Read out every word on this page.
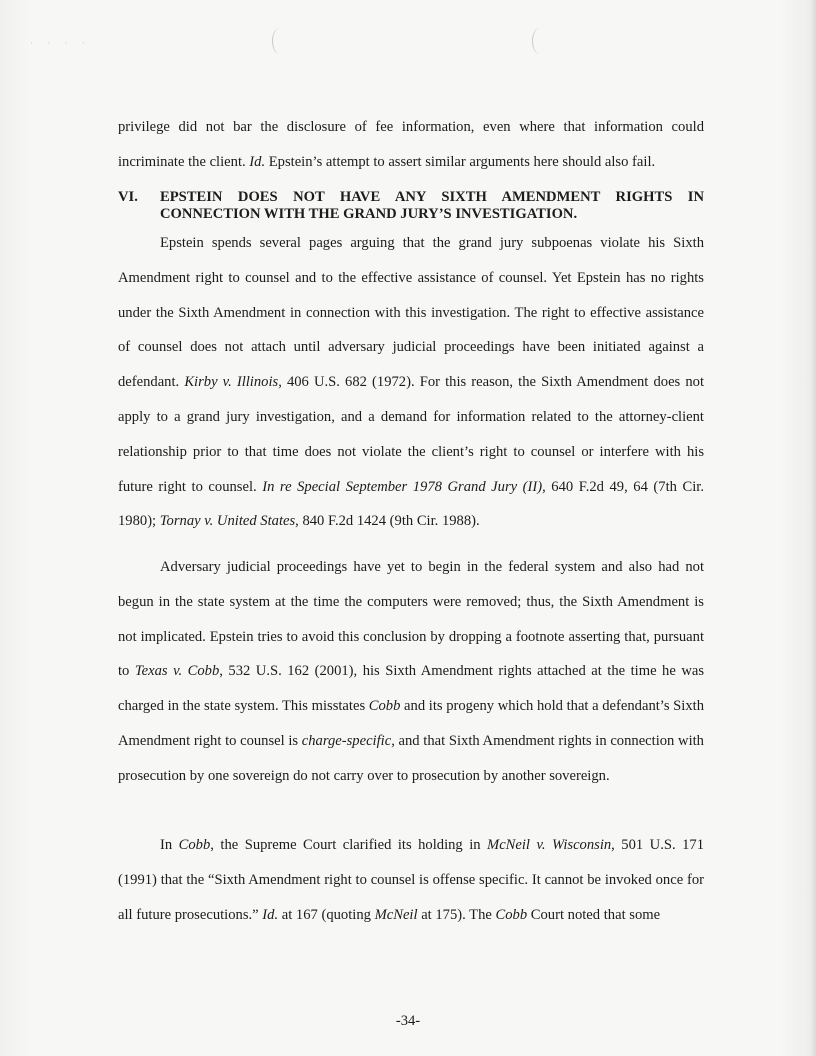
· · · ·

privilege did not bar the disclosure of fee information, even where that information could incriminate the client. Id. Epstein’s attempt to assert similar arguments here should also fail.

VI.	EPSTEIN DOES NOT HAVE ANY SIXTH AMENDMENT RIGHTS IN CONNECTION WITH THE GRAND JURY’S INVESTIGATION.

Epstein spends several pages arguing that the grand jury subpoenas violate his Sixth Amendment right to counsel and to the effective assistance of counsel. Yet Epstein has no rights under the Sixth Amendment in connection with this investigation. The right to effective assistance of counsel does not attach until adversary judicial proceedings have been initiated against a defendant. Kirby v. Illinois, 406 U.S. 682 (1972). For this reason, the Sixth Amendment does not apply to a grand jury investigation, and a demand for information related to the attorney-client relationship prior to that time does not violate the client’s right to counsel or interfere with his future right to counsel. In re Special September 1978 Grand Jury (II), 640 F.2d 49, 64 (7th Cir. 1980); Tornay v. United States, 840 F.2d 1424 (9th Cir. 1988).

Adversary judicial proceedings have yet to begin in the federal system and also had not begun in the state system at the time the computers were removed; thus, the Sixth Amendment is not implicated. Epstein tries to avoid this conclusion by dropping a footnote asserting that, pursuant to Texas v. Cobb, 532 U.S. 162 (2001), his Sixth Amendment rights attached at the time he was charged in the state system. This misstates Cobb and its progeny which hold that a defendant’s Sixth Amendment right to counsel is charge-specific, and that Sixth Amendment rights in connection with prosecution by one sovereign do not carry over to prosecution by another sovereign.

In Cobb, the Supreme Court clarified its holding in McNeil v. Wisconsin, 501 U.S. 171 (1991) that the “Sixth Amendment right to counsel is offense specific. It cannot be invoked once for all future prosecutions.” Id. at 167 (quoting McNeil at 175). The Cobb Court noted that some

-34-
